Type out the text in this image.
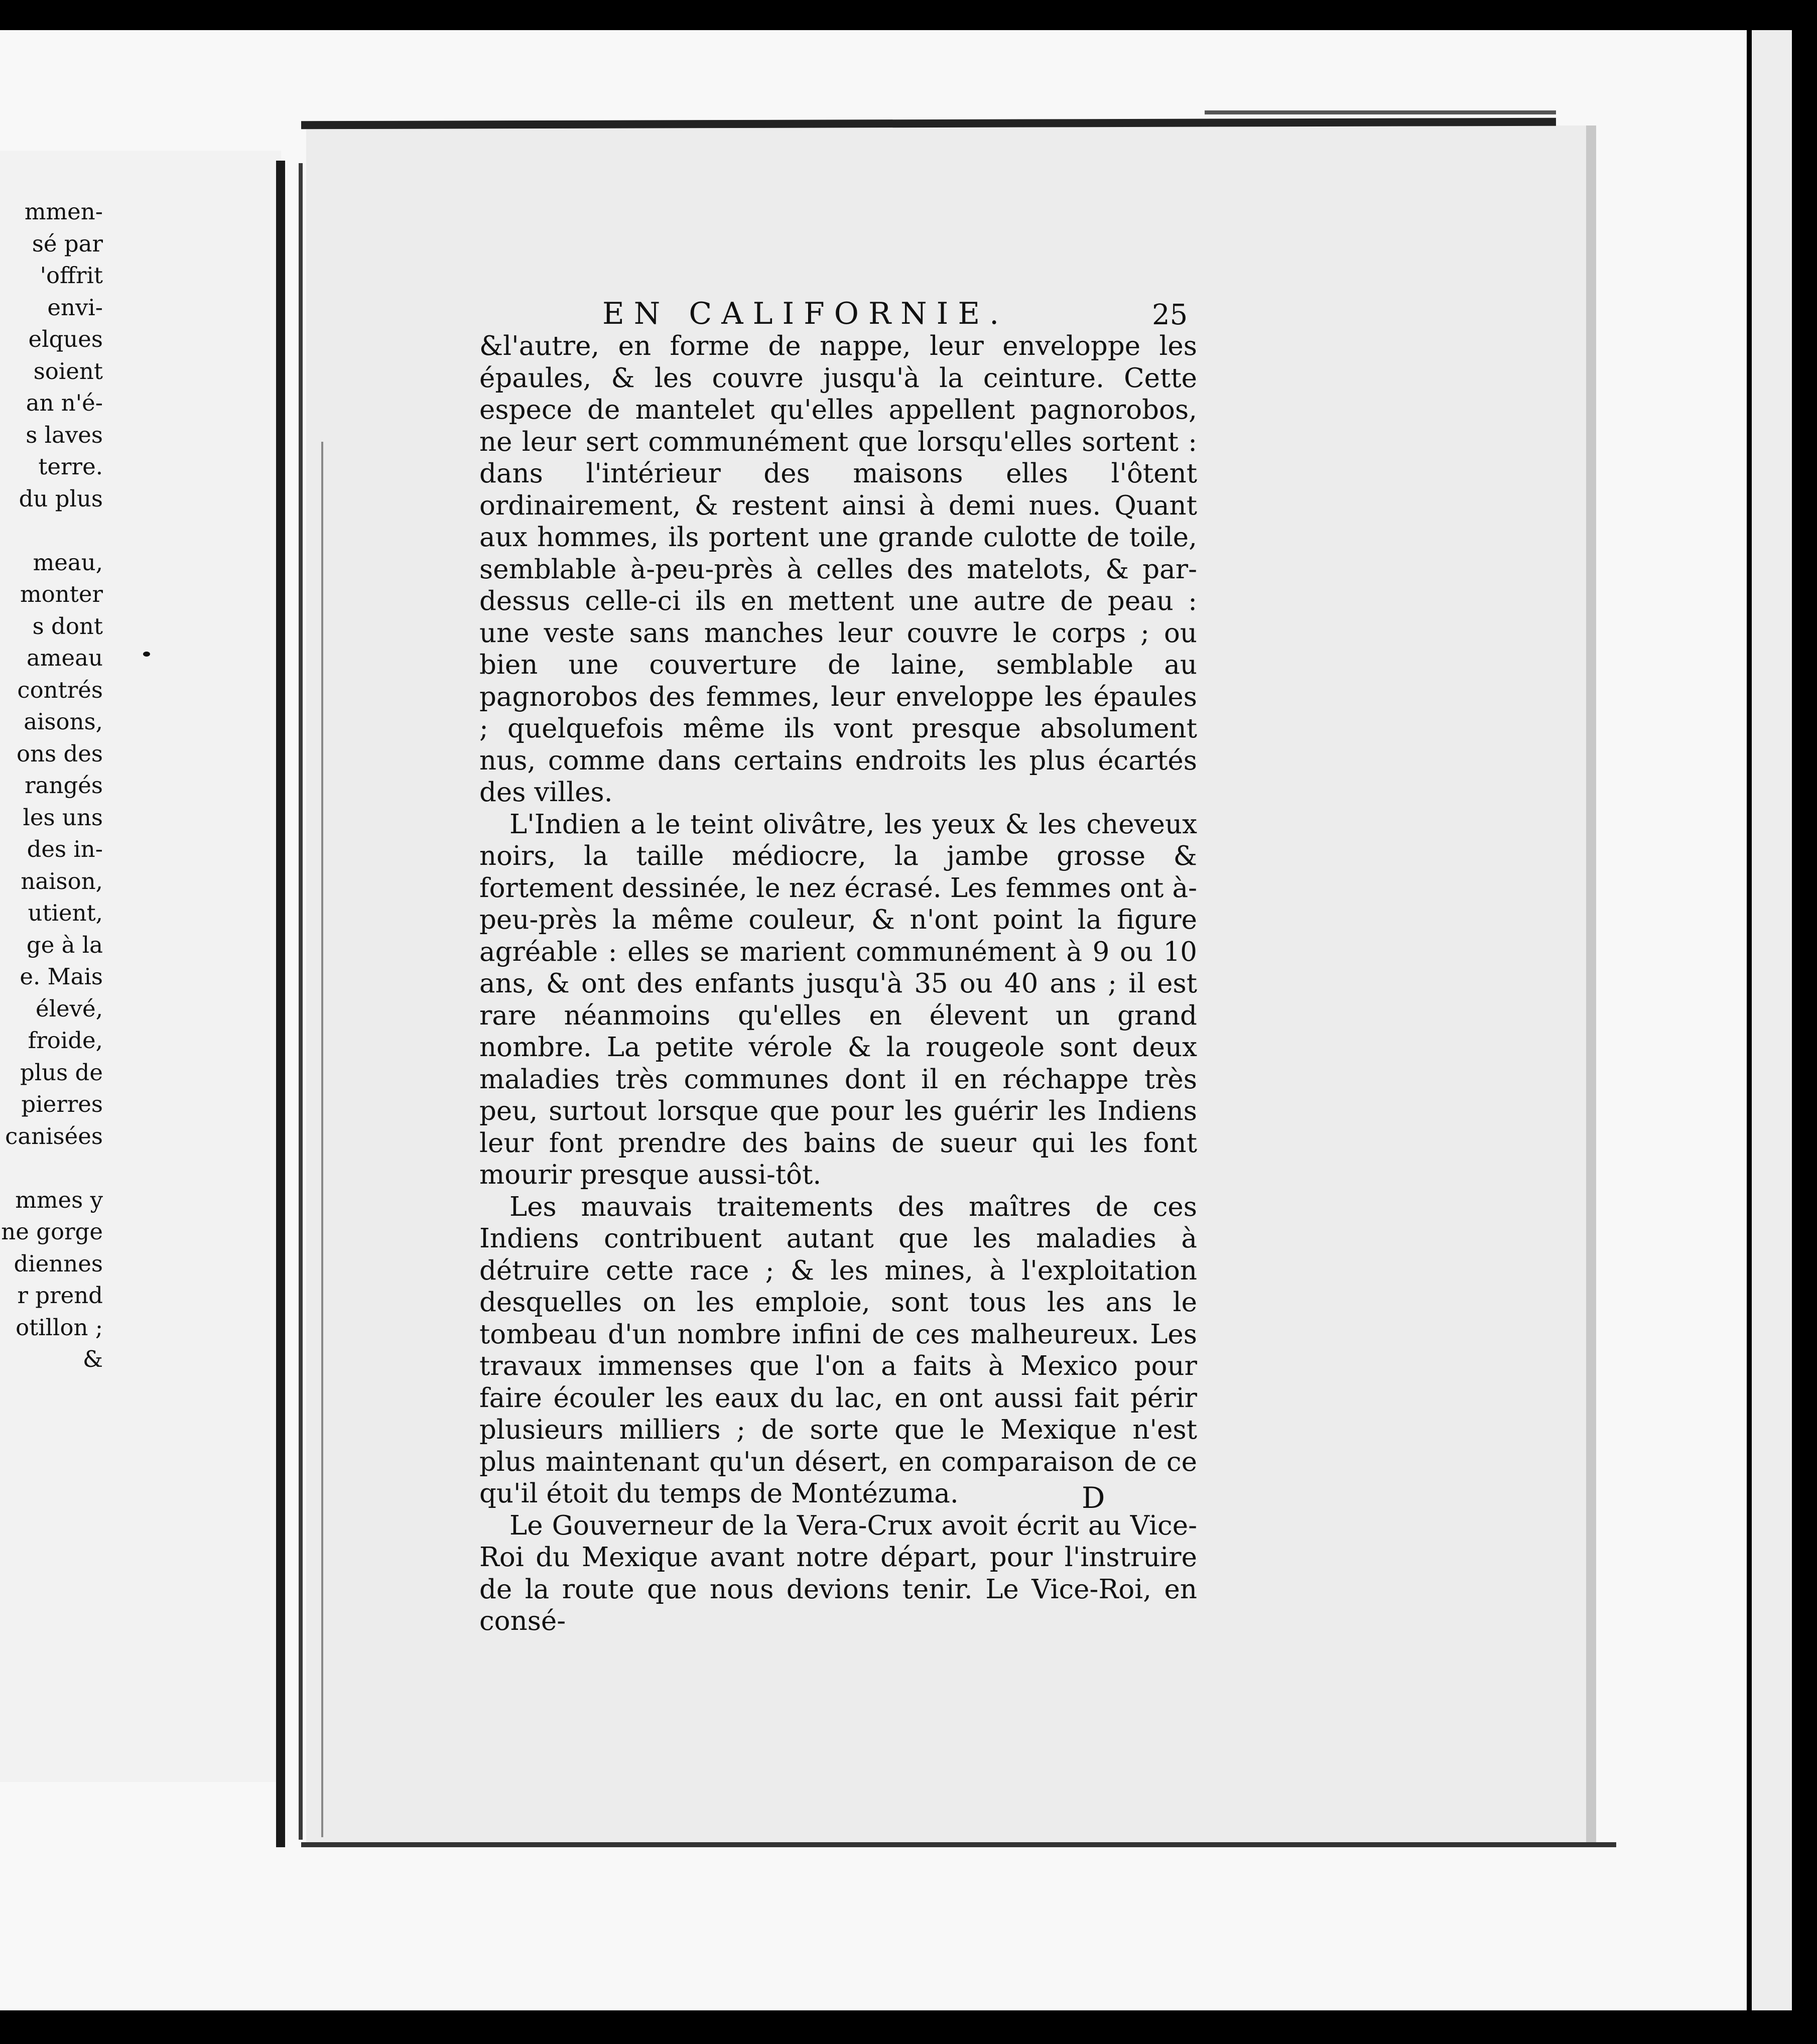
mmen-
sé par
'offrit
envi-
elques
soient
an n'é-
s laves
terre.
du plus
meau,
monter
s dont
ameau
contrés
aisons,
ons des
rangés
les uns
des in-
naison,
utient,
ge à la
e. Mais
élevé,
froide,
plus de
pierres
canisées
mmes y
ne gorge
diennes
r prend
otillon ;
&
EN CALIFORNIE.	25

&l'autre, en forme de nappe, leur enveloppe les épaules, & les couvre jusqu'à la ceinture. Cette espece de mantelet qu'elles appellent pagnorobos, ne leur sert communément que lorsqu'elles sortent : dans l'intérieur des maisons elles l'ôtent ordinairement, & restent ainsi à demi nues. Quant aux hommes, ils portent une grande culotte de toile, semblable à-peu-près à celles des matelots, & par-dessus celle-ci ils en mettent une autre de peau : une veste sans manches leur couvre le corps ; ou bien une couverture de laine, semblable au pagnorobos des femmes, leur enveloppe les épaules ; quelquefois même ils vont presque absolument nus, comme dans certains endroits les plus écartés des villes.

L'Indien a le teint olivâtre, les yeux & les cheveux noirs, la taille médiocre, la jambe grosse & fortement dessinée, le nez écrasé. Les femmes ont à-peu-près la même couleur, & n'ont point la figure agréable : elles se marient communément à 9 ou 10 ans, & ont des enfants jusqu'à 35 ou 40 ans ; il est rare néanmoins qu'elles en élevent un grand nombre. La petite vérole & la rougeole sont deux maladies très communes dont il en réchappe très peu, surtout lorsque que pour les guérir les Indiens leur font prendre des bains de sueur qui les font mourir presque aussi-tôt.

Les mauvais traitements des maîtres de ces Indiens contribuent autant que les maladies à détruire cette race ; & les mines, à l'exploitation desquelles on les emploie, sont tous les ans le tombeau d'un nombre infini de ces malheureux. Les travaux immenses que l'on a faits à Mexico pour faire écouler les eaux du lac, en ont aussi fait périr plusieurs milliers ; de sorte que le Mexique n'est plus maintenant qu'un désert, en comparaison de ce qu'il étoit du temps de Montézuma.

Le Gouverneur de la Vera-Crux avoit écrit au Vice-Roi du Mexique avant notre départ, pour l'instruire de la route que nous devions tenir. Le Vice-Roi, en consé-

D
